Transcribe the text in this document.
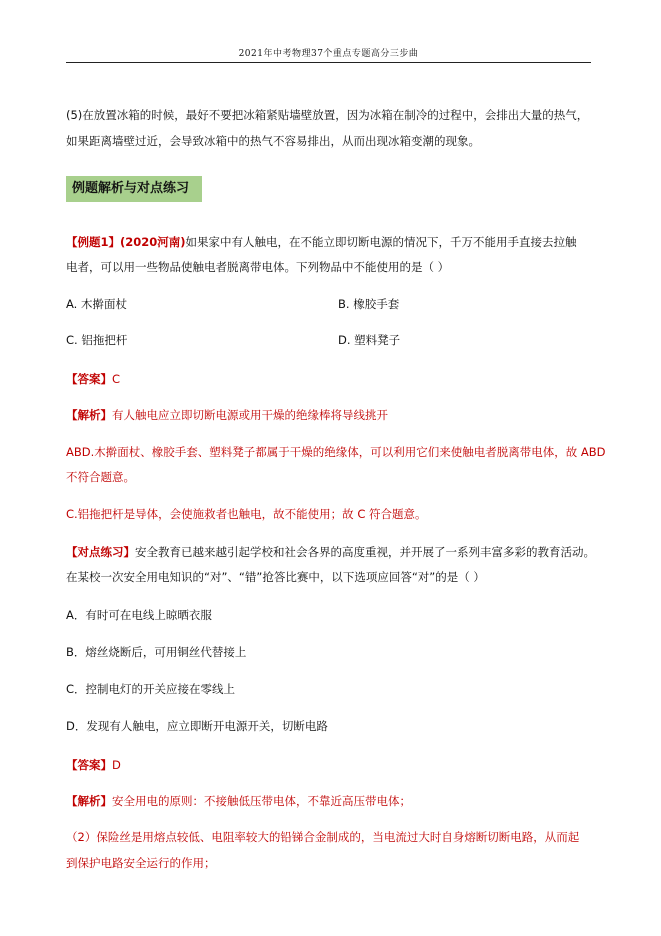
2021年中考物理37个重点专题高分三步曲

(5)在放置冰箱的时候，最好不要把冰箱紧贴墙壁放置，因为冰箱在制冷的过程中，会排出大量的热气，

如果距离墙壁过近，会导致冰箱中的热气不容易排出，从而出现冰箱变潮的现象。

例题解析与对点练习

【例题1】(2020河南)如果家中有人触电，在不能立即切断电源的情况下，千万不能用手直接去拉触

电者，可以用一些物品使触电者脱离带电体。下列物品中不能使用的是（ ）

A. 木擀面杖	B. 橡胶手套
C. 铝拖把杆	D. 塑料凳子

【答案】C

【解析】有人触电应立即切断电源或用干燥的绝缘棒将导线挑开

ABD.木擀面杖、橡胶手套、塑料凳子都属于干燥的绝缘体，可以利用它们来使触电者脱离带电体，故 ABD

不符合题意。

C.铝拖把杆是导体，会使施救者也触电，故不能使用；故 C 符合题意。

【对点练习】安全教育已越来越引起学校和社会各界的高度重视，并开展了一系列丰富多彩的教育活动。

在某校一次安全用电知识的“对”、“错”抢答比赛中，以下选项应回答“对”的是（ ）

A．有时可在电线上晾晒衣服
B．熔丝烧断后，可用铜丝代替接上
C．控制电灯的开关应接在零线上
D．发现有人触电，应立即断开电源开关，切断电路

【答案】D

【解析】安全用电的原则：不接触低压带电体，不靠近高压带电体；

（2）保险丝是用熔点较低、电阻率较大的铅锑合金制成的，当电流过大时自身熔断切断电路，从而起

到保护电路安全运行的作用；
